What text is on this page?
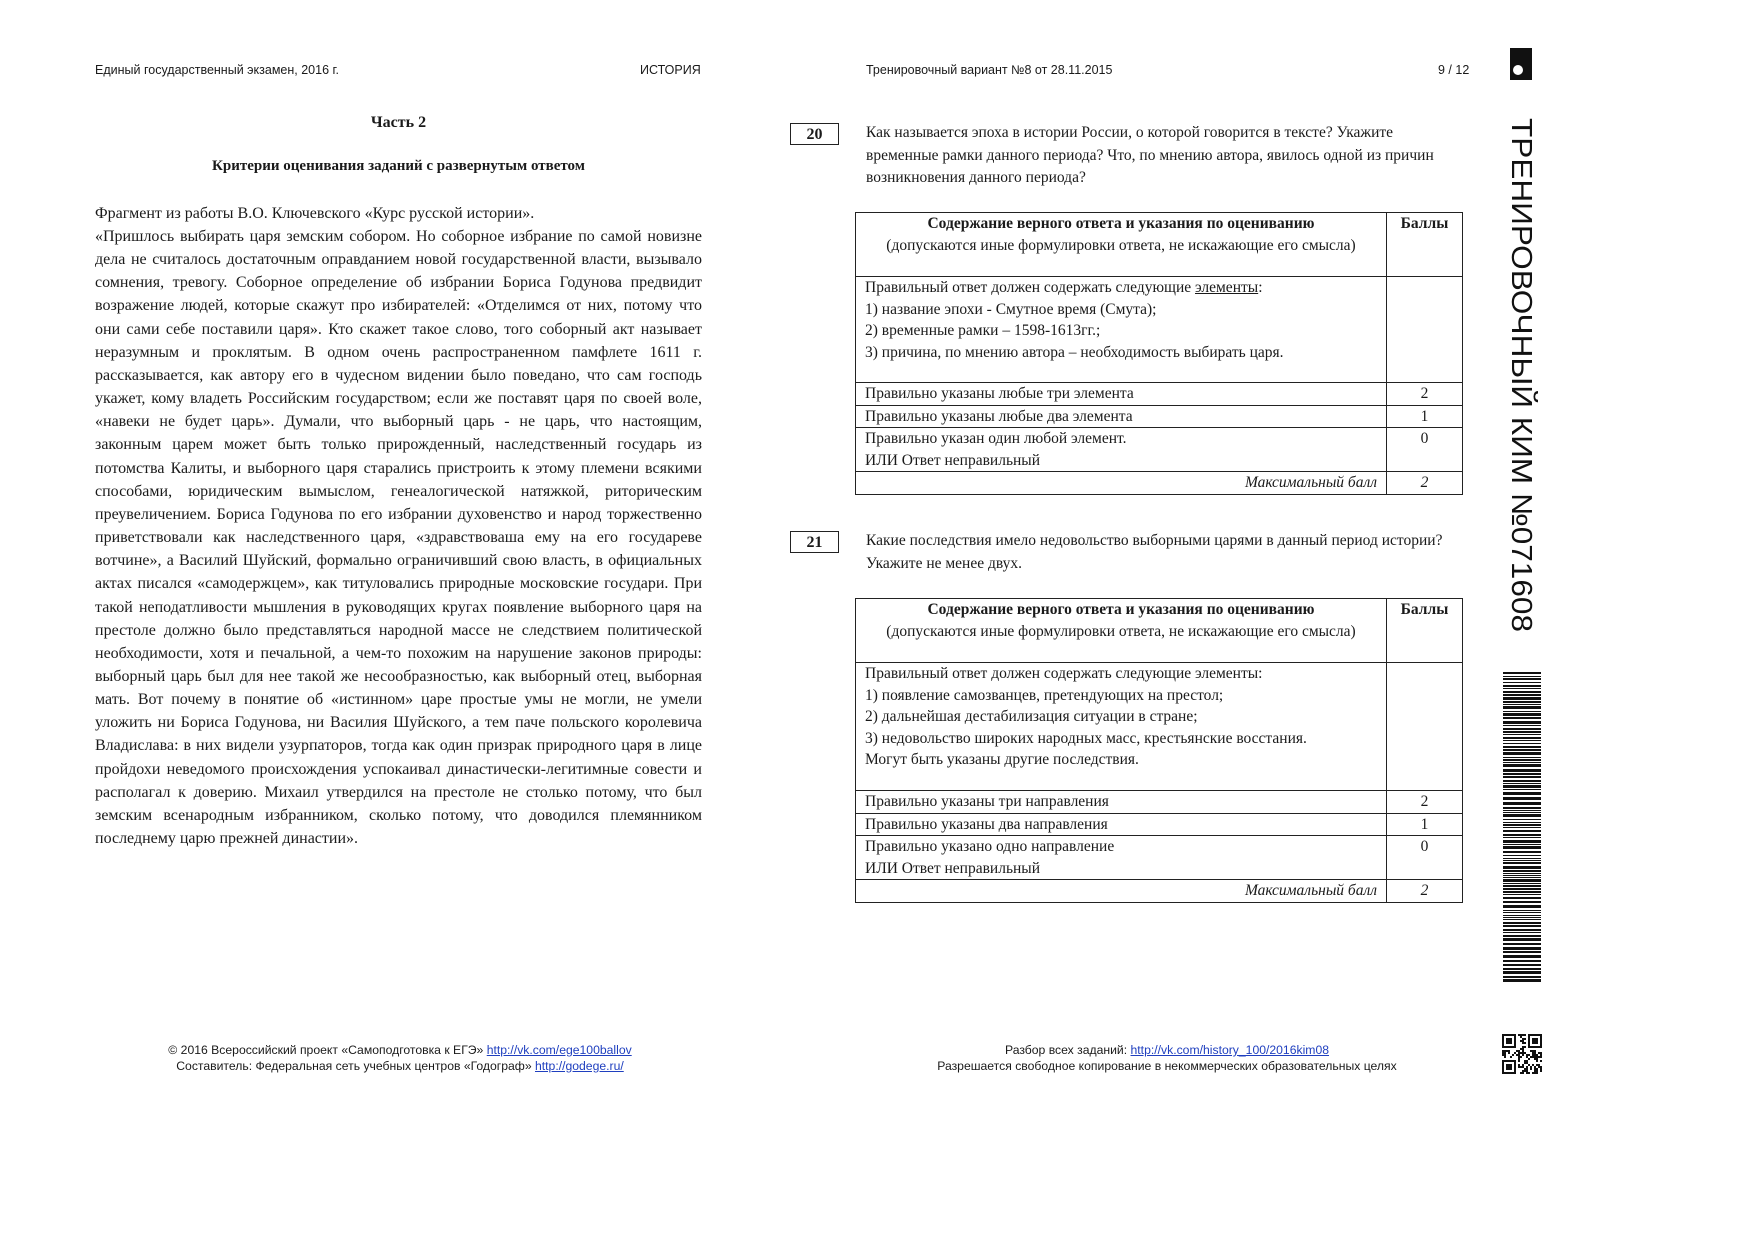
Единый государственный экзамен, 2016 г.	ИСТОРИЯ	Тренировочный вариант №8 от 28.11.2015	9 / 12
Часть 2
Критерии оценивания заданий с развернутым ответом
Фрагмент из работы В.О. Ключевского «Курс русской истории».
«Пришлось выбирать царя земским собором. Но соборное избрание по самой новизне дела не считалось достаточным оправданием новой государственной власти, вызывало сомнения, тревогу. Соборное определение об избрании Бориса Годунова предвидит возражение людей, которые скажут про избирателей: «Отделимся от них, потому что они сами себе поставили царя». Кто скажет такое слово, того соборный акт называет неразумным и проклятым. В одном очень распространенном памфлете 1611 г. рассказывается, как автору его в чудесном видении было поведано, что сам господь укажет, кому владеть Российским государством; если же поставят царя по своей воле, «навеки не будет царь». Думали, что выборный царь - не царь, что настоящим, законным царем может быть только прирожденный, наследственный государь из потомства Калиты, и выборного царя старались пристроить к этому племени всякими способами, юридическим вымыслом, генеалогической натяжкой, риторическим преувеличением. Бориса Годунова по его избрании духовенство и народ торжественно приветствовали как наследственного царя, «здравствоваша ему на его государеве вотчине», а Василий Шуйский, формально ограничивший свою власть, в официальных актах писался «самодержцем», как титуловались природные московские государи. При такой неподатливости мышления в руководящих кругах появление выборного царя на престоле должно было представляться народной массе не следствием политической необходимости, хотя и печальной, а чем-то похожим на нарушение законов природы: выборный царь был для нее такой же несообразностью, как выборный отец, выборная мать. Вот почему в понятие об «истинном» царе простые умы не могли, не умели уложить ни Бориса Годунова, ни Василия Шуйского, а тем паче польского королевича Владислава: в них видели узурпаторов, тогда как один призрак природного царя в лице пройдохи неведомого происхождения успокаивал династически-легитимные совести и располагал к доверию. Михаил утвердился на престоле не столько потому, что был земским всенародным избранником, сколько потому, что доводился племянником последнему царю прежней династии».
20	Как называется эпоха в истории России, о которой говорится в тексте? Укажите временные рамки данного периода? Что, по мнению автора, явилось одной из причин возникновения данного периода?
Содержание верного ответа и указания по оцениванию
(допускаются иные формулировки ответа, не искажающие его смысла)	Баллы

Правильный ответ должен содержать следующие элементы:
1) название эпохи - Смутное время (Смута);
2) временные рамки – 1598-1613гг.;
3) причина, по мнению автора – необходимость выбирать царя.	

Правильно указаны любые три элемента	2
Правильно указаны любые два элемента	1

Правильно указан один любой элемент.
ИЛИ Ответ неправильный	0
Максимальный балл	2
21	Какие последствия имело недовольство выборными царями в данный период истории? Укажите не менее двух.
Содержание верного ответа и указания по оцениванию
(допускаются иные формулировки ответа, не искажающие его смысла)	Баллы

Правильный ответ должен содержать следующие элементы:
1) появление самозванцев, претендующих на престол;
2) дальнейшая дестабилизация ситуации в стране;
3) недовольство широких народных масс, крестьянские восстания.
Могут быть указаны другие последствия.	

Правильно указаны три направления	2
Правильно указаны два направления	1

Правильно указано одно направление
ИЛИ Ответ неправильный	0
Максимальный балл	2
ТРЕНИРОВОЧНЫЙ КИМ №071608
© 2016 Всероссийский проект «Самоподготовка к ЕГЭ» http://vk.com/ege100ballov
Составитель: Федеральная сеть учебных центров «Годограф» http://godege.ru/
Разбор всех заданий: http://vk.com/history_100/2016kim08
Разрешается свободное копирование в некоммерческих образовательных целях
